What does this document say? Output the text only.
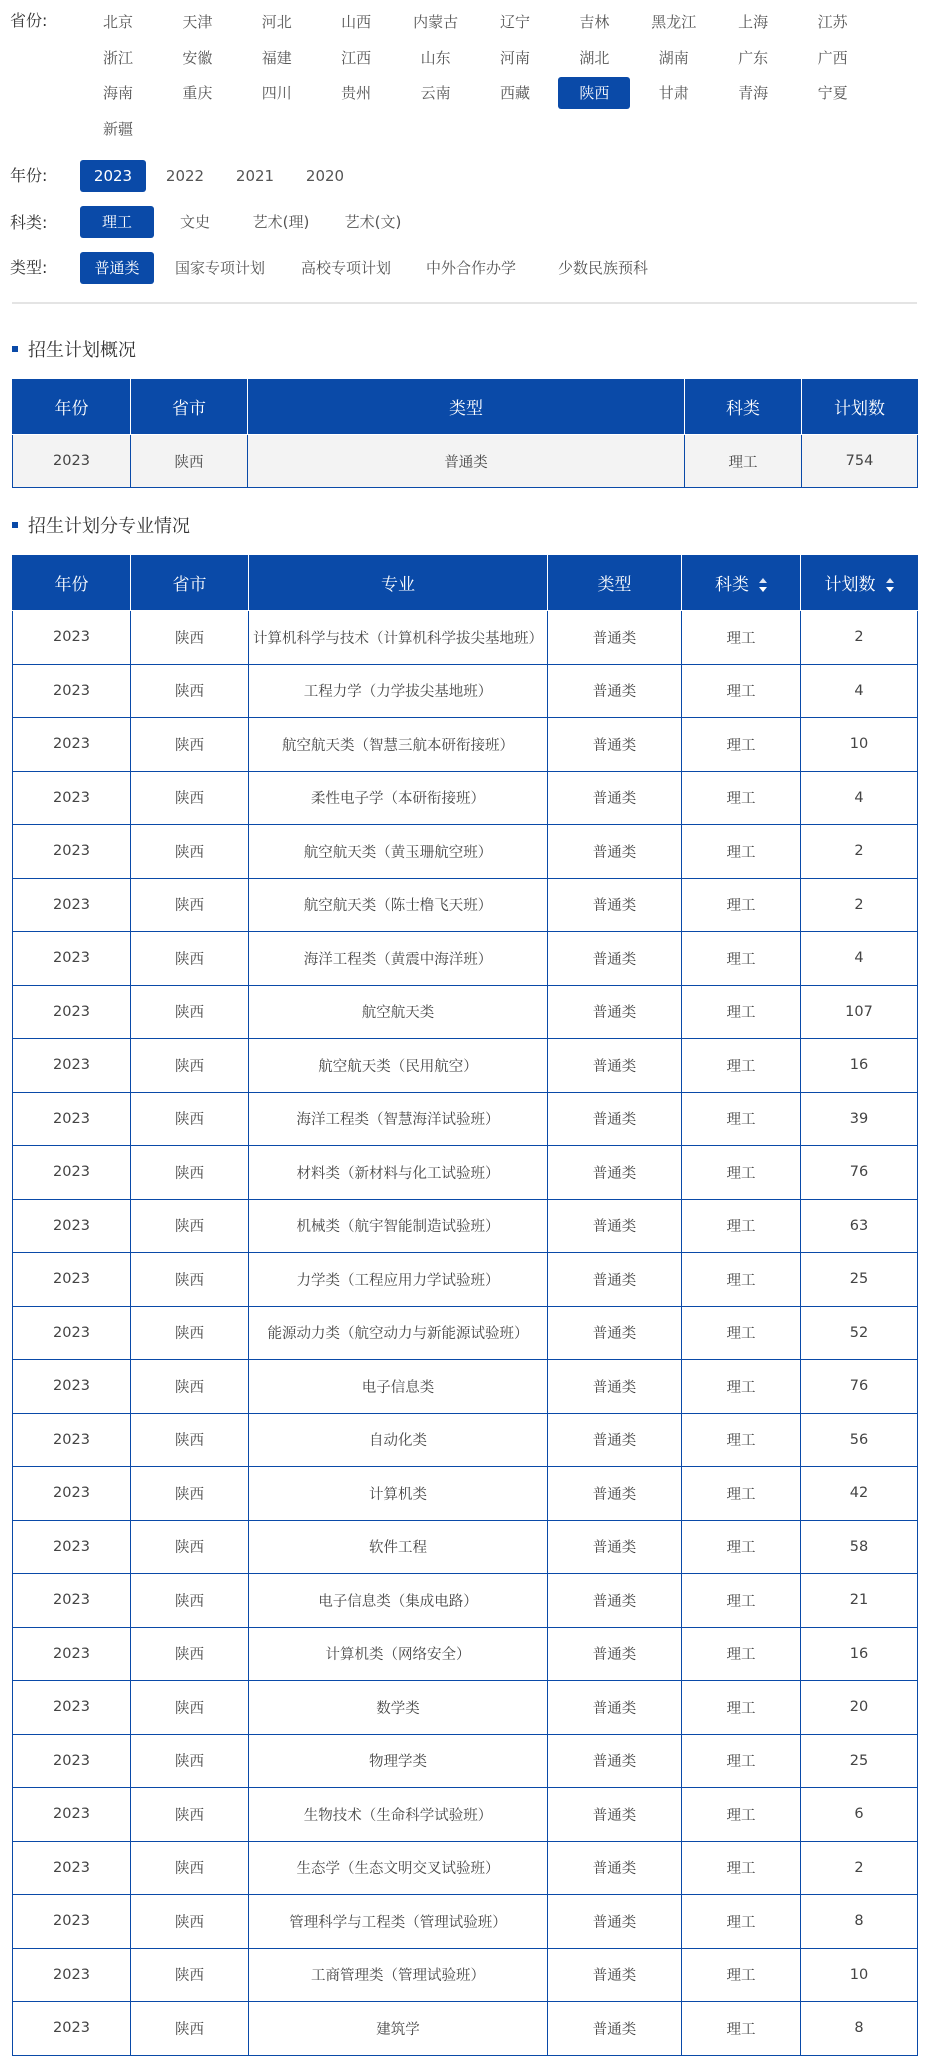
省份:	北京	天津	河北	山西	内蒙古	辽宁	吉林	黑龙江	上海	江苏
浙江	安徽	福建	江西	山东	河南	湖北	湖南	广东	广西
海南	重庆	四川	贵州	云南	西藏	陕西	甘肃	青海	宁夏
新疆
年份:	2023	2022	2021	2020
科类:	理工	文史	艺术(理)	艺术(文)
类型:	普通类	国家专项计划	高校专项计划	中外合作办学	少数民族预科
招生计划概况
年份	省市	类型	科类	计划数
2023	陕西	普通类	理工	754
招生计划分专业情况
年份	省市	专业	类型	科类	计划数
2023	陕西	计算机科学与技术（计算机科学拔尖基地班）	普通类	理工	2
2023	陕西	工程力学（力学拔尖基地班）	普通类	理工	4
2023	陕西	航空航天类（智慧三航本研衔接班）	普通类	理工	10
2023	陕西	柔性电子学（本研衔接班）	普通类	理工	4
2023	陕西	航空航天类（黄玉珊航空班）	普通类	理工	2
2023	陕西	航空航天类（陈士橹飞天班）	普通类	理工	2
2023	陕西	海洋工程类（黄震中海洋班）	普通类	理工	4
2023	陕西	航空航天类	普通类	理工	107
2023	陕西	航空航天类（民用航空）	普通类	理工	16
2023	陕西	海洋工程类（智慧海洋试验班）	普通类	理工	39
2023	陕西	材料类（新材料与化工试验班）	普通类	理工	76
2023	陕西	机械类（航宇智能制造试验班）	普通类	理工	63
2023	陕西	力学类（工程应用力学试验班）	普通类	理工	25
2023	陕西	能源动力类（航空动力与新能源试验班）	普通类	理工	52
2023	陕西	电子信息类	普通类	理工	76
2023	陕西	自动化类	普通类	理工	56
2023	陕西	计算机类	普通类	理工	42
2023	陕西	软件工程	普通类	理工	58
2023	陕西	电子信息类（集成电路）	普通类	理工	21
2023	陕西	计算机类（网络安全）	普通类	理工	16
2023	陕西	数学类	普通类	理工	20
2023	陕西	物理学类	普通类	理工	25
2023	陕西	生物技术（生命科学试验班）	普通类	理工	6
2023	陕西	生态学（生态文明交叉试验班）	普通类	理工	2
2023	陕西	管理科学与工程类（管理试验班）	普通类	理工	8
2023	陕西	工商管理类（管理试验班）	普通类	理工	10
2023	陕西	建筑学	普通类	理工	8
